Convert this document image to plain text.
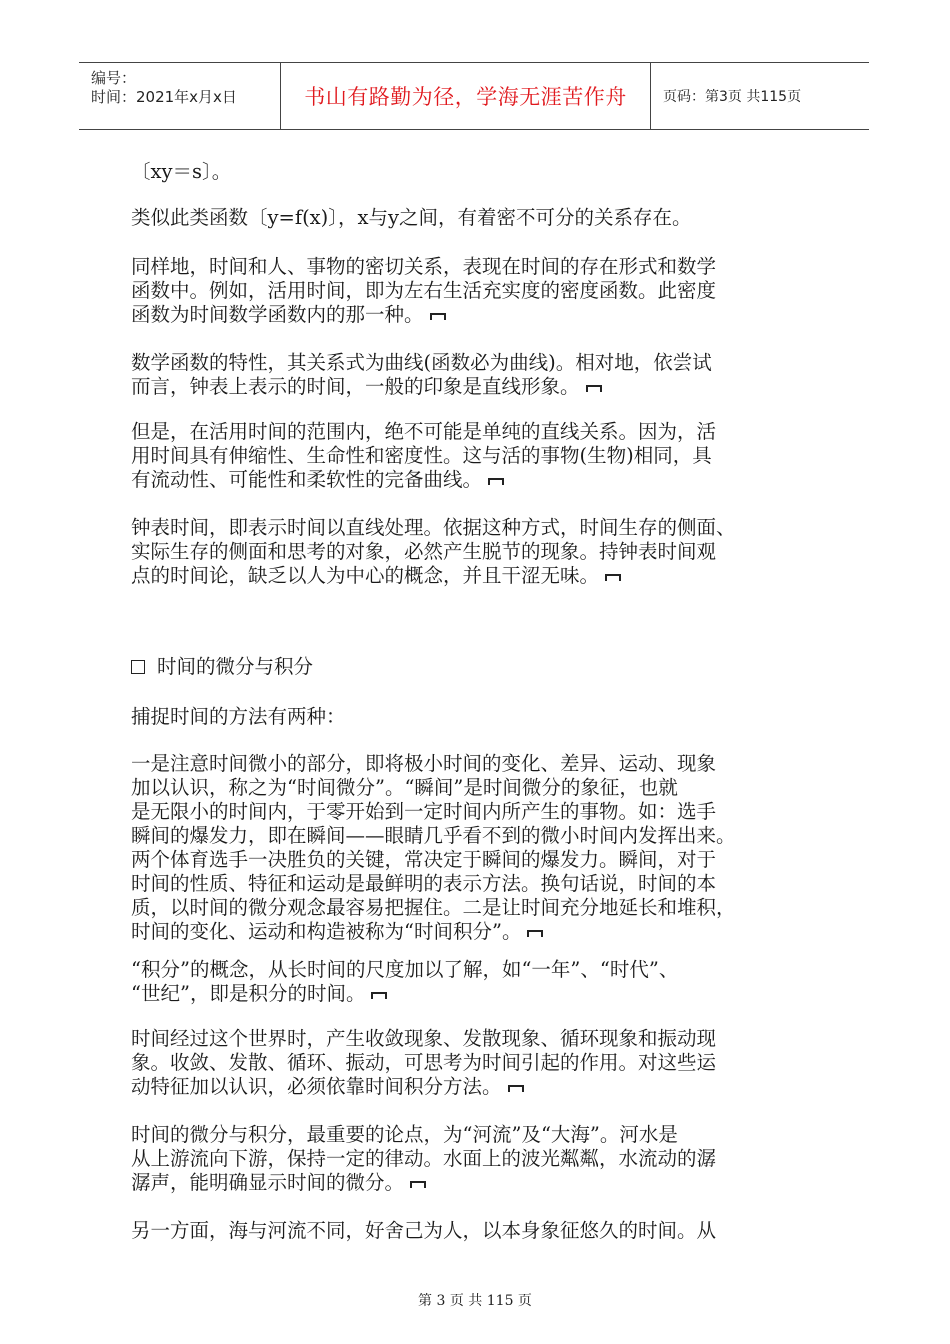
编号：
时间：2021年x月x日	书山有路勤为径，学海无涯苦作舟	页码：第3页 共115页
〔xy＝s〕。
类似此类函数〔y=f(x)〕，x与y之间，有着密不可分的关系存在。
同样地，时间和人、事物的密切关系，表现在时间的存在形式和数学
函数中。例如，活用时间，即为左右生活充实度的密度函数。此密度
函数为时间数学函数内的那一种。
数学函数的特性，其关系式为曲线(函数必为曲线)。相对地，依尝试
而言，钟表上表示的时间，一般的印象是直线形象。
但是，在活用时间的范围内，绝不可能是单纯的直线关系。因为，活
用时间具有伸缩性、生命性和密度性。这与活的事物(生物)相同，具
有流动性、可能性和柔软性的完备曲线。
钟表时间，即表示时间以直线处理。依据这种方式，时间生存的侧面、
实际生存的侧面和思考的对象，必然产生脱节的现象。持钟表时间观
点的时间论，缺乏以人为中心的概念，并且干涩无味。
时间的微分与积分
捕捉时间的方法有两种：
一是注意时间微小的部分，即将极小时间的变化、差异、运动、现象
加以认识，称之为“时间微分”。“瞬间”是时间微分的象征，也就
是无限小的时间内，于零开始到一定时间内所产生的事物。如：选手
瞬间的爆发力，即在瞬间——眼睛几乎看不到的微小时间内发挥出来。
两个体育选手一决胜负的关键，常决定于瞬间的爆发力。瞬间，对于
时间的性质、特征和运动是最鲜明的表示方法。换句话说，时间的本
质，以时间的微分观念最容易把握住。二是让时间充分地延长和堆积，
时间的变化、运动和构造被称为“时间积分”。
“积分”的概念，从长时间的尺度加以了解，如“一年”、“时代”、
“世纪”，即是积分的时间。
时间经过这个世界时，产生收敛现象、发散现象、循环现象和振动现
象。收敛、发散、循环、振动，可思考为时间引起的作用。对这些运
动特征加以认识，必须依靠时间积分方法。
时间的微分与积分，最重要的论点，为“河流”及“大海”。河水是
从上游流向下游，保持一定的律动。水面上的波光粼粼，水流动的潺
潺声，能明确显示时间的微分。
另一方面，海与河流不同，好舍己为人，以本身象征悠久的时间。从
第 3 页 共 115 页
